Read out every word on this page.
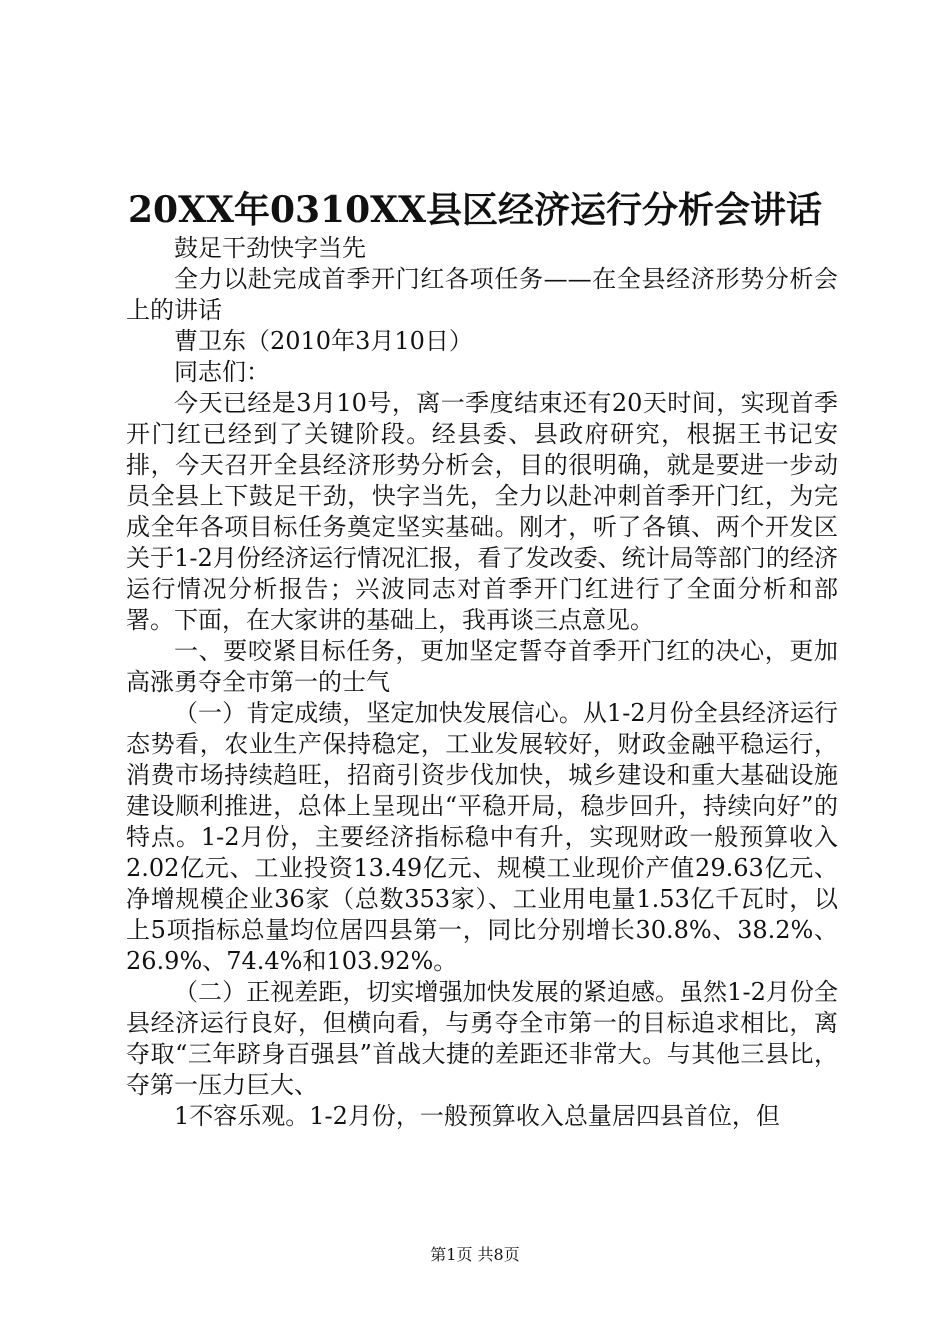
20XX年0310XX县区经济运行分析会讲话

鼓足干劲快字当先

全力以赴完成首季开门红各项任务——在全县经济形势分析会上的讲话

曹卫东（2010年3月10日）

同志们：

今天已经是3月10号，离一季度结束还有20天时间，实现首季开门红已经到了关键阶段。经县委、县政府研究，根据王书记安排，今天召开全县经济形势分析会，目的很明确，就是要进一步动员全县上下鼓足干劲，快字当先，全力以赴冲刺首季开门红，为完成全年各项目标任务奠定坚实基础。刚才，听了各镇、两个开发区关于1-2月份经济运行情况汇报，看了发改委、统计局等部门的经济运行情况分析报告；兴波同志对首季开门红进行了全面分析和部署。下面，在大家讲的基础上，我再谈三点意见。

一、要咬紧目标任务，更加坚定誓夺首季开门红的决心，更加高涨勇夺全市第一的士气

（一）肯定成绩，坚定加快发展信心。从1-2月份全县经济运行态势看，农业生产保持稳定，工业发展较好，财政金融平稳运行，消费市场持续趋旺，招商引资步伐加快，城乡建设和重大基础设施建设顺利推进，总体上呈现出“平稳开局，稳步回升，持续向好”的特点。1-2月份，主要经济指标稳中有升，实现财政一般预算收入2.02亿元、工业投资13.49亿元、规模工业现价产值29.63亿元、净增规模企业36家（总数353家）、工业用电量1.53亿千瓦时，以上5项指标总量均位居四县第一，同比分别增长30.8%、38.2%、26.9%、74.4%和103.92%。

（二）正视差距，切实增强加快发展的紧迫感。虽然1-2月份全县经济运行良好，但横向看，与勇夺全市第一的目标追求相比，离夺取“三年跻身百强县”首战大捷的差距还非常大。与其他三县比，夺第一压力巨大、

1不容乐观。1-2月份，一般预算收入总量居四县首位，但

第1页 共8页
